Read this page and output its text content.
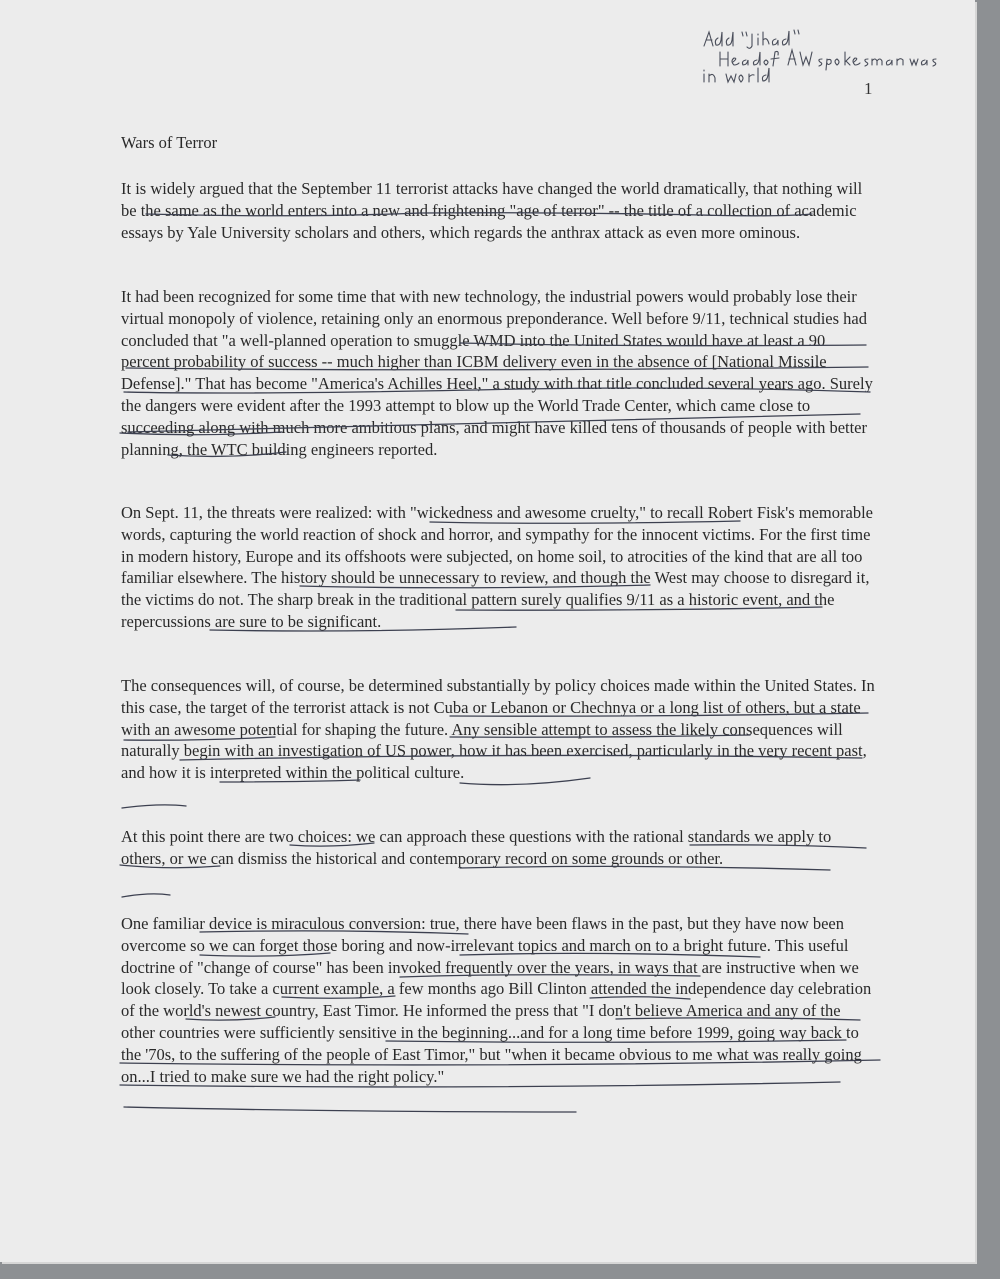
1
Wars of Terror

It is widely argued that the September 11 terrorist attacks have changed the world dramatically, that nothing will be the same as the world enters into a new and frightening "age of terror" -- the title of a collection of academic essays by Yale University scholars and others, which regards the anthrax attack as even more ominous.

It had been recognized for some time that with new technology, the industrial powers would probably lose their virtual monopoly of violence, retaining only an enormous preponderance. Well before 9/11, technical studies had concluded that "a well-planned operation to smuggle WMD into the United States would have at least a 90 percent probability of success -- much higher than ICBM delivery even in the absence of [National Missile Defense]." That has become "America's Achilles Heel," a study with that title concluded several years ago. Surely the dangers were evident after the 1993 attempt to blow up the World Trade Center, which came close to succeeding along with much more ambitious plans, and might have killed tens of thousands of people with better planning, the WTC building engineers reported.

On Sept. 11, the threats were realized: with "wickedness and awesome cruelty," to recall Robert Fisk's memorable words, capturing the world reaction of shock and horror, and sympathy for the innocent victims. For the first time in modern history, Europe and its offshoots were subjected, on home soil, to atrocities of the kind that are all too familiar elsewhere. The history should be unnecessary to review, and though the West may choose to disregard it, the victims do not. The sharp break in the traditional pattern surely qualifies 9/11 as a historic event, and the repercussions are sure to be significant.

The consequences will, of course, be determined substantially by policy choices made within the United States. In this case, the target of the terrorist attack is not Cuba or Lebanon or Chechnya or a long list of others, but a state with an awesome potential for shaping the future. Any sensible attempt to assess the likely consequences will naturally begin with an investigation of US power, how it has been exercised, particularly in the very recent past, and how it is interpreted within the political culture.

At this point there are two choices: we can approach these questions with the rational standards we apply to others, or we can dismiss the historical and contemporary record on some grounds or other.

One familiar device is miraculous conversion: true, there have been flaws in the past, but they have now been overcome so we can forget those boring and now-irrelevant topics and march on to a bright future. This useful doctrine of "change of course" has been invoked frequently over the years, in ways that are instructive when we look closely. To take a current example, a few months ago Bill Clinton attended the independence day celebration of the world's newest country, East Timor. He informed the press that "I don't believe America and any of the other countries were sufficiently sensitive in the beginning...and for a long time before 1999, going way back to the '70s, to the suffering of the people of East Timor," but "when it became obvious to me what was really going on...I tried to make sure we had the right policy."
